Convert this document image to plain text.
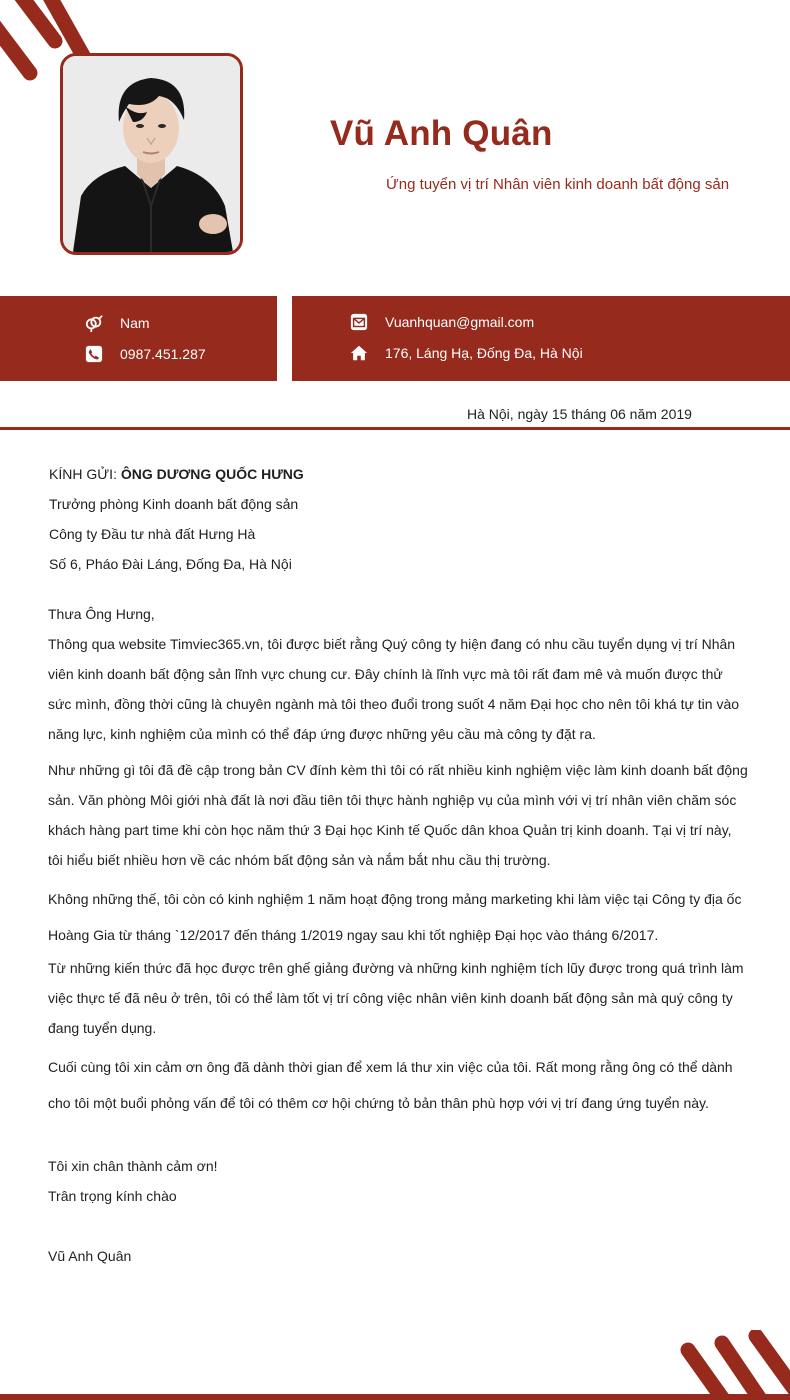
Vũ Anh Quân
Ứng tuyển vị trí Nhân viên kinh doanh bất động sản
Nam
0987.451.287
Vuanhquan@gmail.com
176, Láng Hạ, Đống Đa, Hà Nội
Hà Nội, ngày 15 tháng 06 năm 2019
KÍNH GỬI: ÔNG DƯƠNG QUỐC HƯNG
Trưởng phòng Kinh doanh bất động sản
Công ty Đầu tư nhà đất Hưng Hà
Số 6, Pháo Đài Láng, Đống Đa, Hà Nội

Thưa Ông Hưng,

Thông qua website Timviec365.vn, tôi được biết rằng Quý công ty hiện đang có nhu cầu tuyển dụng vị trí Nhân viên kinh doanh bất động sản lĩnh vực chung cư. Đây chính là lĩnh vực mà tôi rất đam mê và muốn được thử sức mình, đồng thời cũng là chuyên ngành mà tôi theo đuổi trong suốt 4 năm Đại học cho nên tôi khá tự tin vào năng lực, kinh nghiệm của mình có thể đáp ứng được những yêu cầu mà công ty đặt ra.

Như những gì tôi đã đề cập trong bản CV đính kèm thì tôi có rất nhiều kinh nghiệm việc làm kinh doanh bất động sản. Văn phòng Môi giới nhà đất là nơi đầu tiên tôi thực hành nghiệp vụ của mình với vị trí nhân viên chăm sóc khách hàng part time khi còn học năm thứ 3 Đại học Kinh tế Quốc dân khoa Quản trị kinh doanh. Tại vị trí này, tôi hiểu biết nhiều hơn về các nhóm bất động sản và nắm bắt nhu cầu thị trường.

Không những thế, tôi còn có kinh nghiệm 1 năm hoạt động trong mảng marketing khi làm việc tại Công ty địa ốc Hoàng Gia từ tháng `12/2017 đến tháng 1/2019 ngay sau khi tốt nghiệp Đại học vào tháng 6/2017.

Từ những kiến thức đã học được trên ghế giảng đường và những kinh nghiệm tích lũy được trong quá trình làm việc thực tế đã nêu ở trên, tôi có thể làm tốt vị trí công việc nhân viên kinh doanh bất động sản mà quý công ty đang tuyển dụng.

Cuối cùng tôi xin cảm ơn ông đã dành thời gian để xem lá thư xin việc của tôi. Rất mong rằng ông có thể dành cho tôi một buổi phỏng vấn để tôi có thêm cơ hội chứng tỏ bản thân phù hợp với vị trí đang ứng tuyển này.

Tôi xin chân thành cảm ơn!

Trân trọng kính chào

Vũ Anh Quân
